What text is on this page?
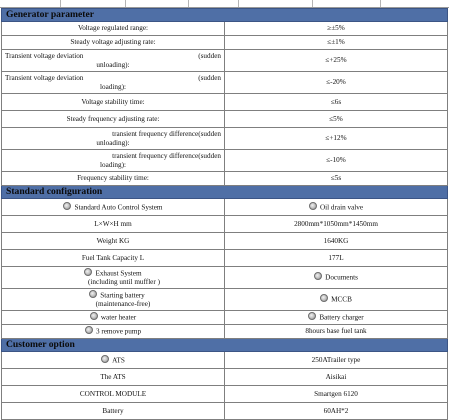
Generator parameter	
Voltage regulated range:	≥±5%
Steady voltage adjusting rate:	≤±1%

Transient voltage deviation (sudden
unloading):	≤+25%

Transient voltage deviation (sudden
loading):	≤-20%
Voltage stability time:	≤6s
Steady frequency adjusting rate:	≤5%

transient frequency difference(sudden
unloading):	≤+12%

transient frequency difference(sudden
loading):	≤-10%
Frequency stability time:	≤5s
Standard configuration	
Standard Auto Control System	Oil drain valve
L×W×H mm	2800mm*1050mm*1450mm
Weight KG	1640KG
Fuel Tank Capacity L	177L

Exhaust System
(including until muffler )	Documents

Starting battery
(maintenance-free)	MCCB
water heater	Battery charger
3 remove pump	8hours base fuel tank
Customer option	
ATS	250ATrailer type
The ATS	Aisikai
CONTROL MODULE	Smartgen 6120
Battery	60AH*2
